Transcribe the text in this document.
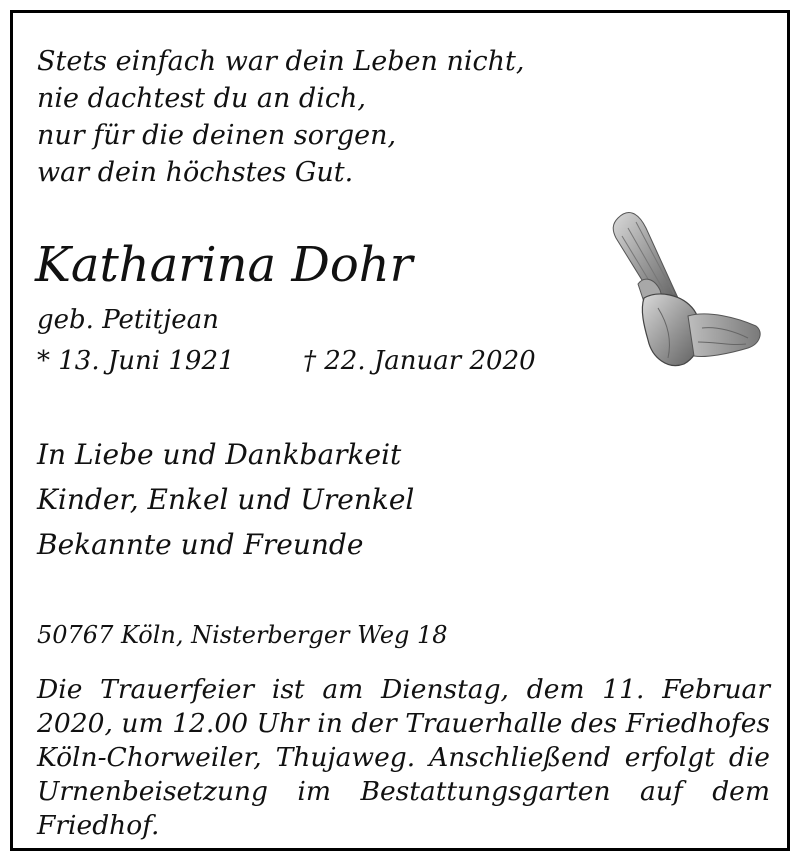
Stets einfach war dein Leben nicht,
nie dachtest du an dich,
nur für die deinen sorgen,
war dein höchstes Gut.
Katharina Dohr
geb. Petitjean
* 13. Juni 1921	† 22. Januar 2020
In Liebe und Dankbarkeit
Kinder, Enkel und Urenkel
Bekannte und Freunde
50767 Köln, Nisterberger Weg 18
Die Trauerfeier ist am Dienstag, dem 11. Februar 2020, um 12.00 Uhr in der Trauerhalle des Friedhofes Köln-Chorweiler, Thujaweg. Anschließend erfolgt die Urnenbeisetzung im Bestattungsgarten auf dem Friedhof.
